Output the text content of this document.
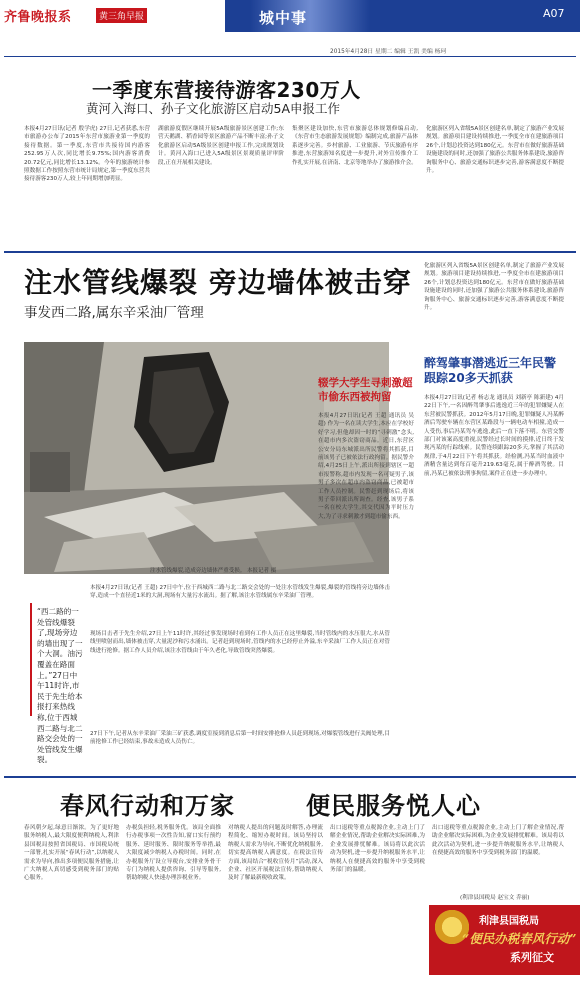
齐鲁晚报系	黄三角早报	城中事	A07
2015年4月28日 星期二 编辑 王凯 美编 杨珂
一季度东营接待游客230万人
黄河入海口、孙子文化旅游区启动5A申报工作
本报4月27日讯(记者 殷学虎) 27日,记者获悉,东营市旅游办公布了2015年东营市旅游业第一季度的接待数据。第一季度,东营市共接待国内游客252.95万人次,同比增长9.75%;国内游客消费20.72亿元,同比增长13.12%。今年的旅游统计参照数据工作按照东营市统计局规定,第一季度东营共接待游客230万人,较上年同期增加明显。
湖旅游度假区继续开展5A级旅游景区创建工作;东营天鹅湖、稻香园等景区旅游产品不断丰富;孙子文化旅游区启动5A级景区创建申报工作,完成规划设计。黄河入海口已进入5A级景区景观质量评审阶段,正在开展相关建设。
集聚区建设加快,东营市旅游总体规划修编启动,《东营市生态旅游发展规划》编制完成,旅游产品体系逐步完善。乡村旅游、工业旅游、节庆旅游有序推进,东营旅游知名度进一步提升,对外宣传推介工作扎实开展,在济南、北京等地举办了旅游推介会。
化旅游区列入省级5A景区创建名单,制定了旅游产业发展规划。旅游项目建设持续推进,一季度全市在建旅游项目26个,计划总投资达到180亿元。东营市在做好旅游基础设施建设的同时,还加强了旅游公共服务体系建设,旅游咨询服务中心、旅游交通标识逐步完善,游客满意度不断提升。
注水管线爆裂 旁边墙体被击穿
事发西二路,属东辛采油厂管理
注水管线爆裂,造成旁边墙体严重受损。 本报记者 摄
“西二路的一处管线爆裂了,现场旁边的墙出现了一个大洞。油污覆盖在路面上。”27日中午11时许,市民于先生给本报打来热线称,位于西城西二路与北二路交会处的一处管线发生爆裂。
本报4月27日讯(记者 王超) 27日中午,位于西城西二路与北二路交会处的一处注水管线发生爆裂,爆裂的管线将旁边墙体击穿,造成一个直径近1米的大洞,现场有大量污水流出。据了解,该注水管线属东辛采油厂管理。
现场目击者于先生介绍,27日上午11时许,其经过事发现场时看到有工作人员正在这里爆裂,当时管线内的水压很大,水从管线里喷射而出,墙体被击穿,大量泥沙和污水涌出。记者赶到现场时,管线内的水已经停止外溢,东辛采油厂工作人员正在对管线进行抢修。据工作人员介绍,该注水管线由于年久老化,导致管线突然爆裂。
27日下午,记者从东辛采油厂采油三矿获悉,调度室接到消息后第一时间安排抢修人员赶到现场,对爆裂管线进行关阀处理,目前抢修工作已经结束,事故未造成人员伤亡。
辍学大学生寻刺激超市偷东西被拘留
本报4月27日讯(记者 王超 通讯员 吴超) 作为一名在读大学生,本应在学校好好学习,但他却因一时的“寻刺激”念头,在超市内多次盗窃商品。近日,东营区公安分局东城派出所民警将其抓获,目前该男子已被依法行政拘留。据民警介绍,4月25日上午,派出所接到辖区一超市报警称,超市内发现一名可疑男子,该男子多次在超市内盗窃商品,已被超市工作人员控制。民警赶到现场后,将该男子带回派出所调查。经查,该男子系一名在校大学生,其交代因为平时压力大,为了寻求刺激才到超市偷东西。
醉驾肇事潜逃近三年民警跟踪20多天抓获
本报4月27日讯(记者 杨志龙 通讯员 刘新亭 陈新建) 4月22日下午,一名因醉驾肇事后逃逸近三年的犯罪嫌疑人在东营被民警抓获。2012年5月17日晚,犯罪嫌疑人冯某醉酒后驾驶车辆在东营区某路段与一辆电动车相撞,造成一人受伤,事后冯某驾车逃逸,此后一直下落不明。东营交警部门对该案高度重视,民警经过长时间的摸排,近日终于发现冯某的行踪线索。民警连续跟踪20多天,掌握了其活动规律,于4月22日下午将其抓获。经检测,冯某当时血液中酒精含量达到每百毫升219.63毫克,属于醉酒驾驶。目前,冯某已被依法刑事拘留,案件正在进一步办理中。
化旅游区列入省级5A景区创建名单,制定了旅游产业发展规划。旅游项目建设持续推进,一季度全市在建旅游项目26个,计划总投资达到180亿元。东营市在做好旅游基础设施建设的同时,还加强了旅游公共服务体系建设,旅游咨询服务中心、旅游交通标识逐步完善,游客满意度不断提升。
春风行动和万家	便民服务悦人心
春风朝夕起,绿意日渐浓。为了更好地服务纳税人,最大限度便利纳税人,利津县国税局按照省国税局、市国税局统一部署,扎实开展“春风行动”,以纳税人需求为导向,推出多项便民服务措施,让广大纳税人真切感受到税务部门的贴心服务。
办税负担轻,税务服务优。该局全面推行办税事项一次性告知,窗口实行预约服务、延时服务、限时服务等举措,最大限度减少纳税人办税时间。同时,在办税服务厅设立导税台,安排业务骨干专门为纳税人提供咨询、引导等服务,帮助纳税人快速办理涉税业务。
对纳税人提出的问题及时解答,办理流程简化、缩短办税时间。该局坚持以纳税人需求为导向,不断优化纳税服务,切实提高纳税人满意度。在税法宣传方面,该局结合“税收宣传月”活动,深入企业、社区开展税法宣传,帮助纳税人及时了解最新税收政策。
出口退税等重点税源企业,主动上门了解企业情况,帮助企业解决实际困难,为企业发展排忧解难。该局将以此次活动为契机,进一步提升纳税服务水平,让纳税人在便捷高效的服务中享受到税务部门的温暖。
出口退税等重点税源企业,主动上门了解企业情况,帮助企业解决实际困难,为企业发展排忧解难。该局将以此次活动为契机,进一步提升纳税服务水平,让纳税人在便捷高效的服务中享受到税务部门的温暖。
(利津县国税局 赵宝文 乔丽)
利津县国税局
“便民办税春风行动”
系列征文
